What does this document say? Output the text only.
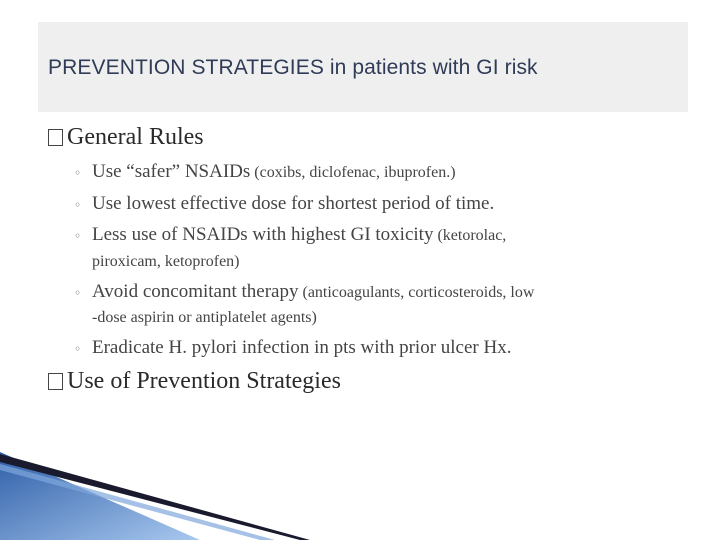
PREVENTION STRATEGIES in patients with GI risk
General Rules
◦ Use “safer” NSAIDs (coxibs, diclofenac, ibuprofen.)
◦ Use lowest effective dose for shortest period of time.
◦ Less use of NSAIDs with highest GI toxicity (ketorolac,
piroxicam, ketoprofen)
◦ Avoid concomitant therapy (anticoagulants, corticosteroids, low
-dose aspirin or antiplatelet agents)
◦ Eradicate H. pylori infection in pts with prior ulcer Hx.
Use of Prevention Strategies
